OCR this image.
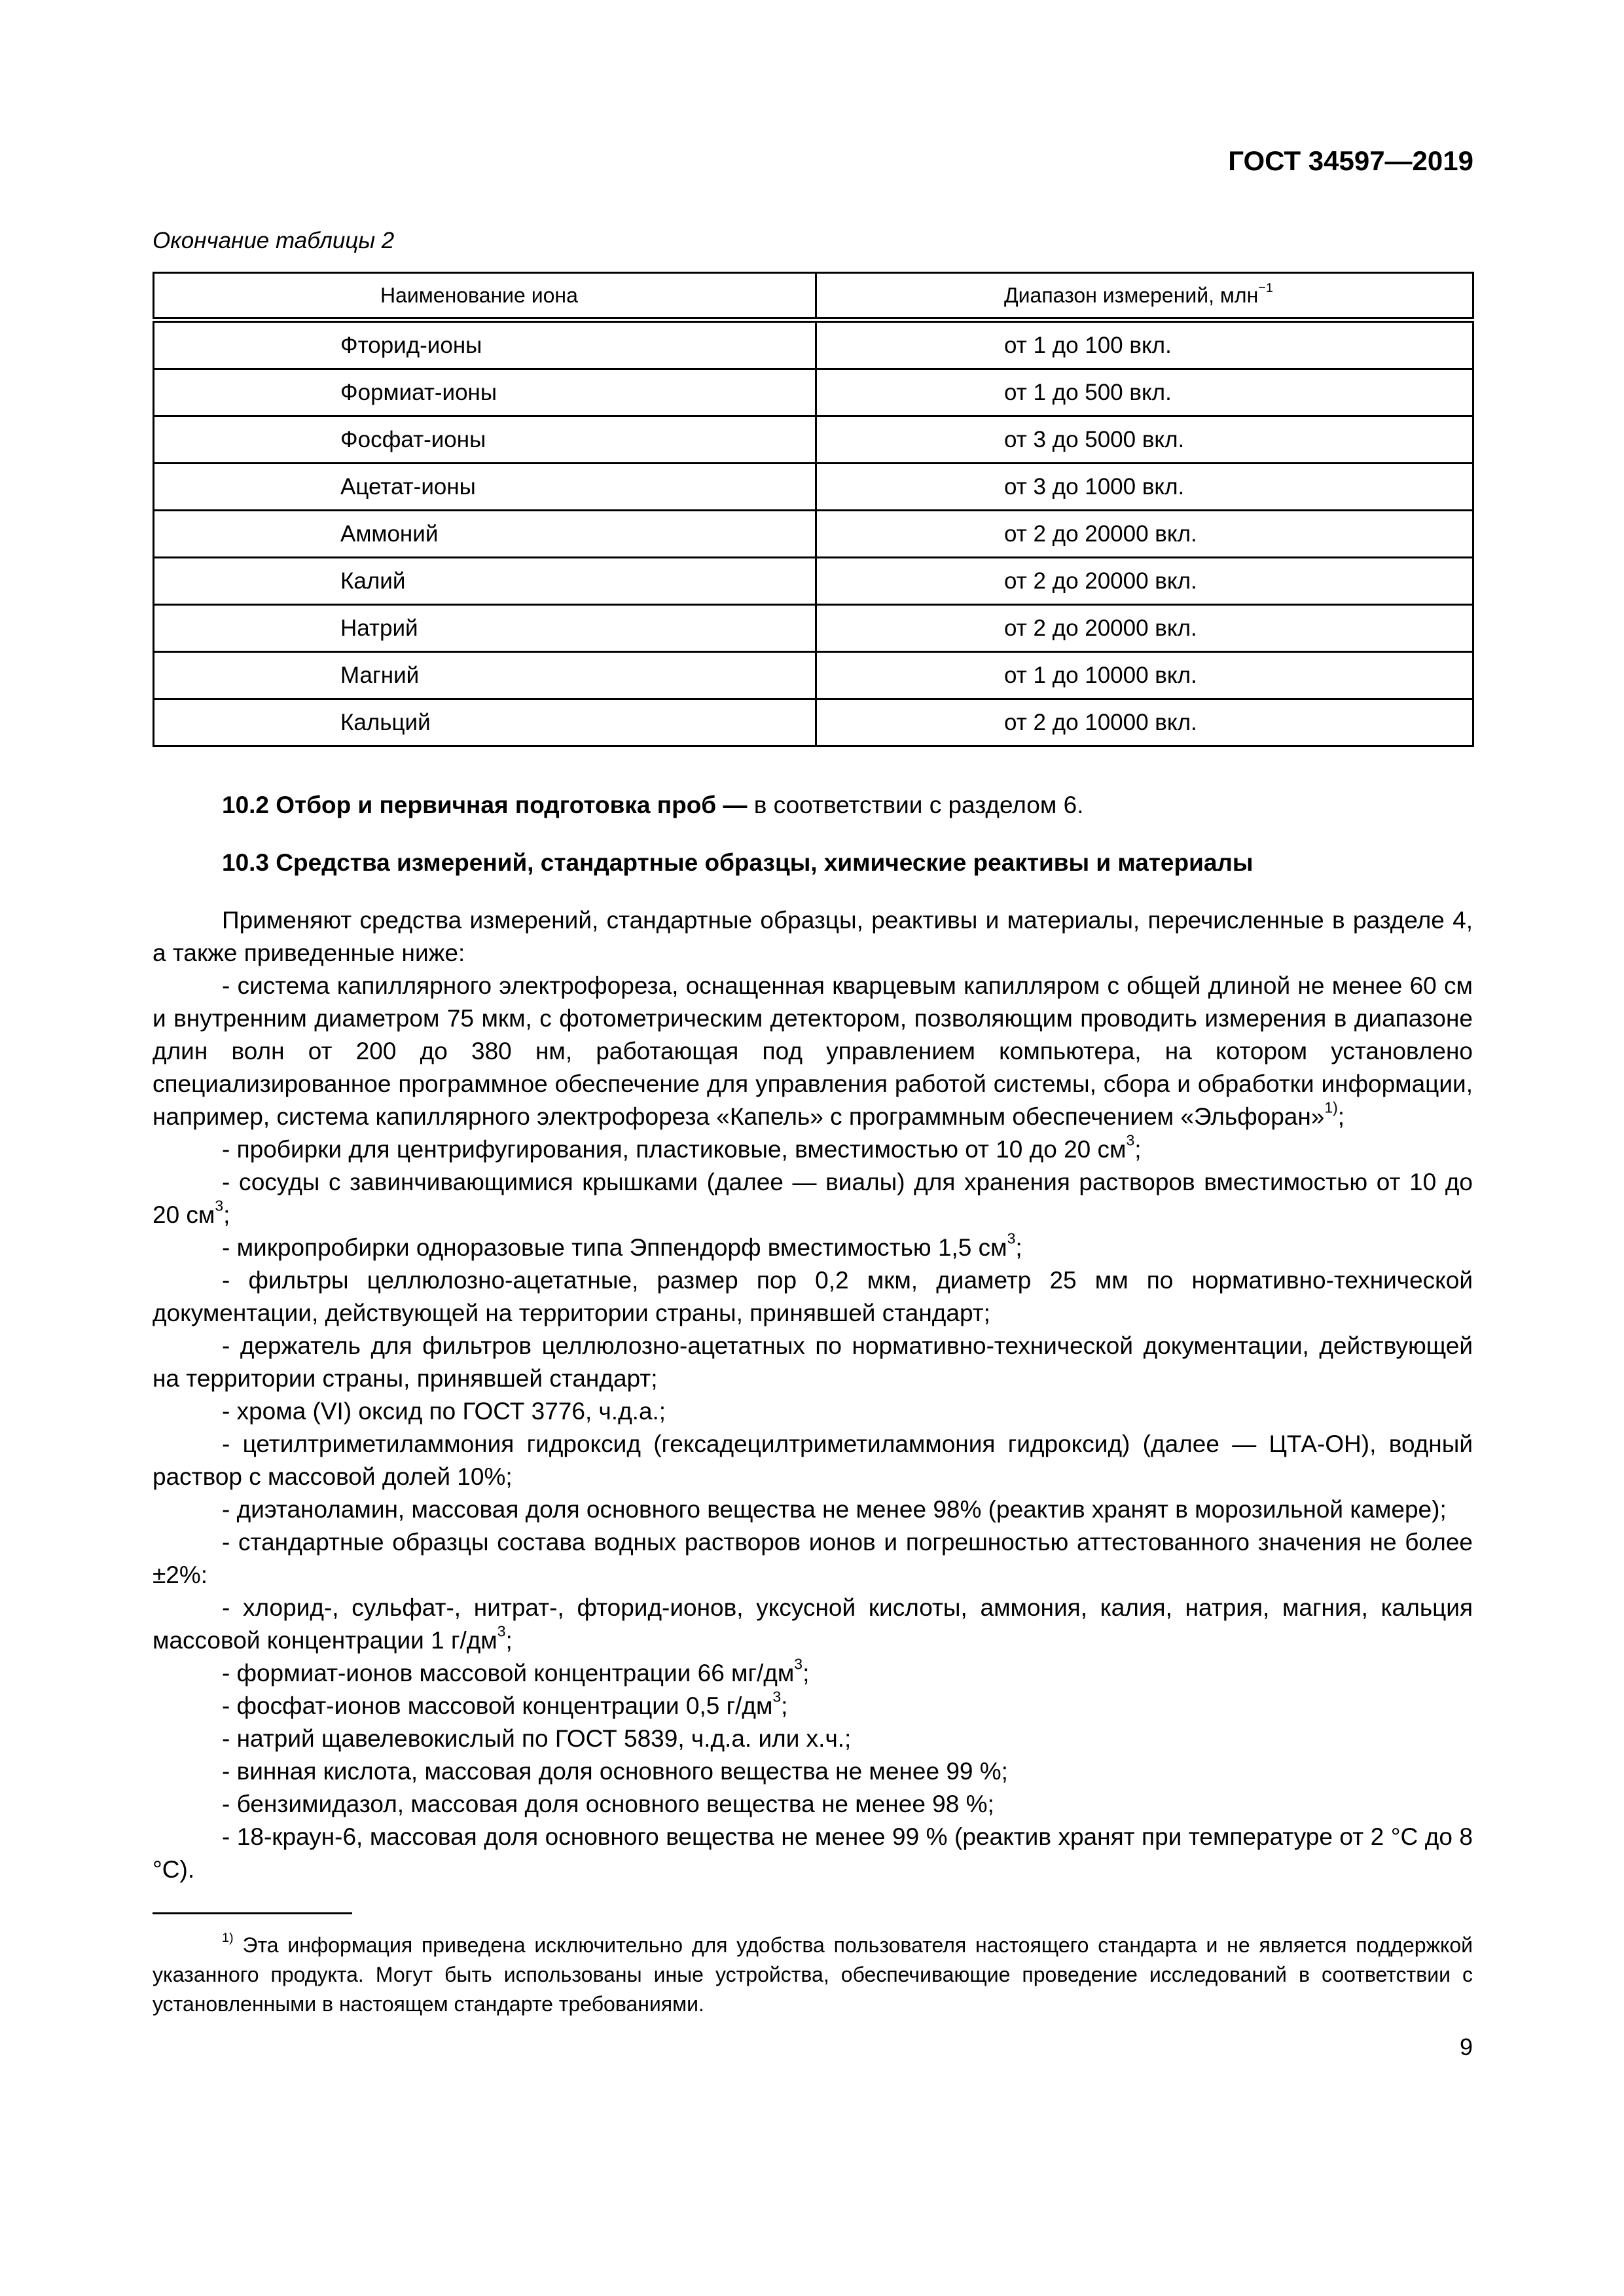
ГОСТ 34597—2019
Окончание таблицы 2
Наименование иона	Диапазон измерений, млн$^{-1}$
Фторид-ионы	от 1 до 100 вкл.
Формиат-ионы	от 1 до 500 вкл.
Фосфат-ионы	от 3 до 5000 вкл.
Ацетат-ионы	от 3 до 1000 вкл.
Аммоний	от 2 до 20000 вкл.
Калий	от 2 до 20000 вкл.
Натрий	от 2 до 20000 вкл.
Магний	от 1 до 10000 вкл.
Кальций	от 2 до 10000 вкл.

10.2 Отбор и первичная подготовка проб — в соответствии с разделом 6.

10.3 Средства измерений, стандартные образцы, химические реактивы и материалы

Применяют средства измерений, стандартные образцы, реактивы и материалы, перечисленные в разделе 4, а также приведенные ниже:

- система капиллярного электрофореза, оснащенная кварцевым капилляром с общей длиной не менее 60 см и внутренним диаметром 75 мкм, с фотометрическим детектором, позволяющим проводить измерения в диапазоне длин волн от 200 до 380 нм, работающая под управлением компьютера, на котором установлено специализированное программное обеспечение для управления работой системы, сбора и обработки информации, например, система капиллярного электрофореза «Капель» с программным обеспечением «Эльфоран»$^{1)}$;

- пробирки для центрифугирования, пластиковые, вместимостью от 10 до 20 $см^3$;

- сосуды с завинчивающимися крышками (далее — виалы) для хранения растворов вместимостью от 10 до 20 $см^3$;

- микропробирки одноразовые типа Эппендорф вместимостью 1,5 $см^3$;

- фильтры целлюлозно-ацетатные, размер пор 0,2 мкм, диаметр 25 мм по нормативно-технической документации, действующей на территории страны, принявшей стандарт;

- держатель для фильтров целлюлозно-ацетатных по нормативно-технической документации, действующей на территории страны, принявшей стандарт;

- хрома (VI) оксид по ГОСТ 3776, ч.д.а.;

- цетилтриметиламмония гидроксид (гексадецилтриметиламмония гидроксид) (далее — ЦТА-ОН), водный раствор с массовой долей 10%;

- диэтаноламин, массовая доля основного вещества не менее 98% (реактив хранят в морозильной камере);

- стандартные образцы состава водных растворов ионов и погрешностью аттестованного значения не более ±2%:

- хлорид-, сульфат-, нитрат-, фторид-ионов, уксусной кислоты, аммония, калия, натрия, магния, кальция массовой концентрации 1 $г/дм^3$;

- формиат-ионов массовой концентрации 66 $мг/дм^3$;

- фосфат-ионов массовой концентрации 0,5 $г/дм^3$;

- натрий щавелевокислый по ГОСТ 5839, ч.д.а. или х.ч.;

- винная кислота, массовая доля основного вещества не менее 99 %;

- бензимидазол, массовая доля основного вещества не менее 98 %;

- 18-краун-6, массовая доля основного вещества не менее 99 % (реактив хранят при температуре от 2 °С до 8 °С).

$^{1)}$ Эта информация приведена исключительно для удобства пользователя настоящего стандарта и не является поддержкой указанного продукта. Могут быть использованы иные устройства, обеспечивающие проведение исследований в соответствии с установленными в настоящем стандарте требованиями.
9
